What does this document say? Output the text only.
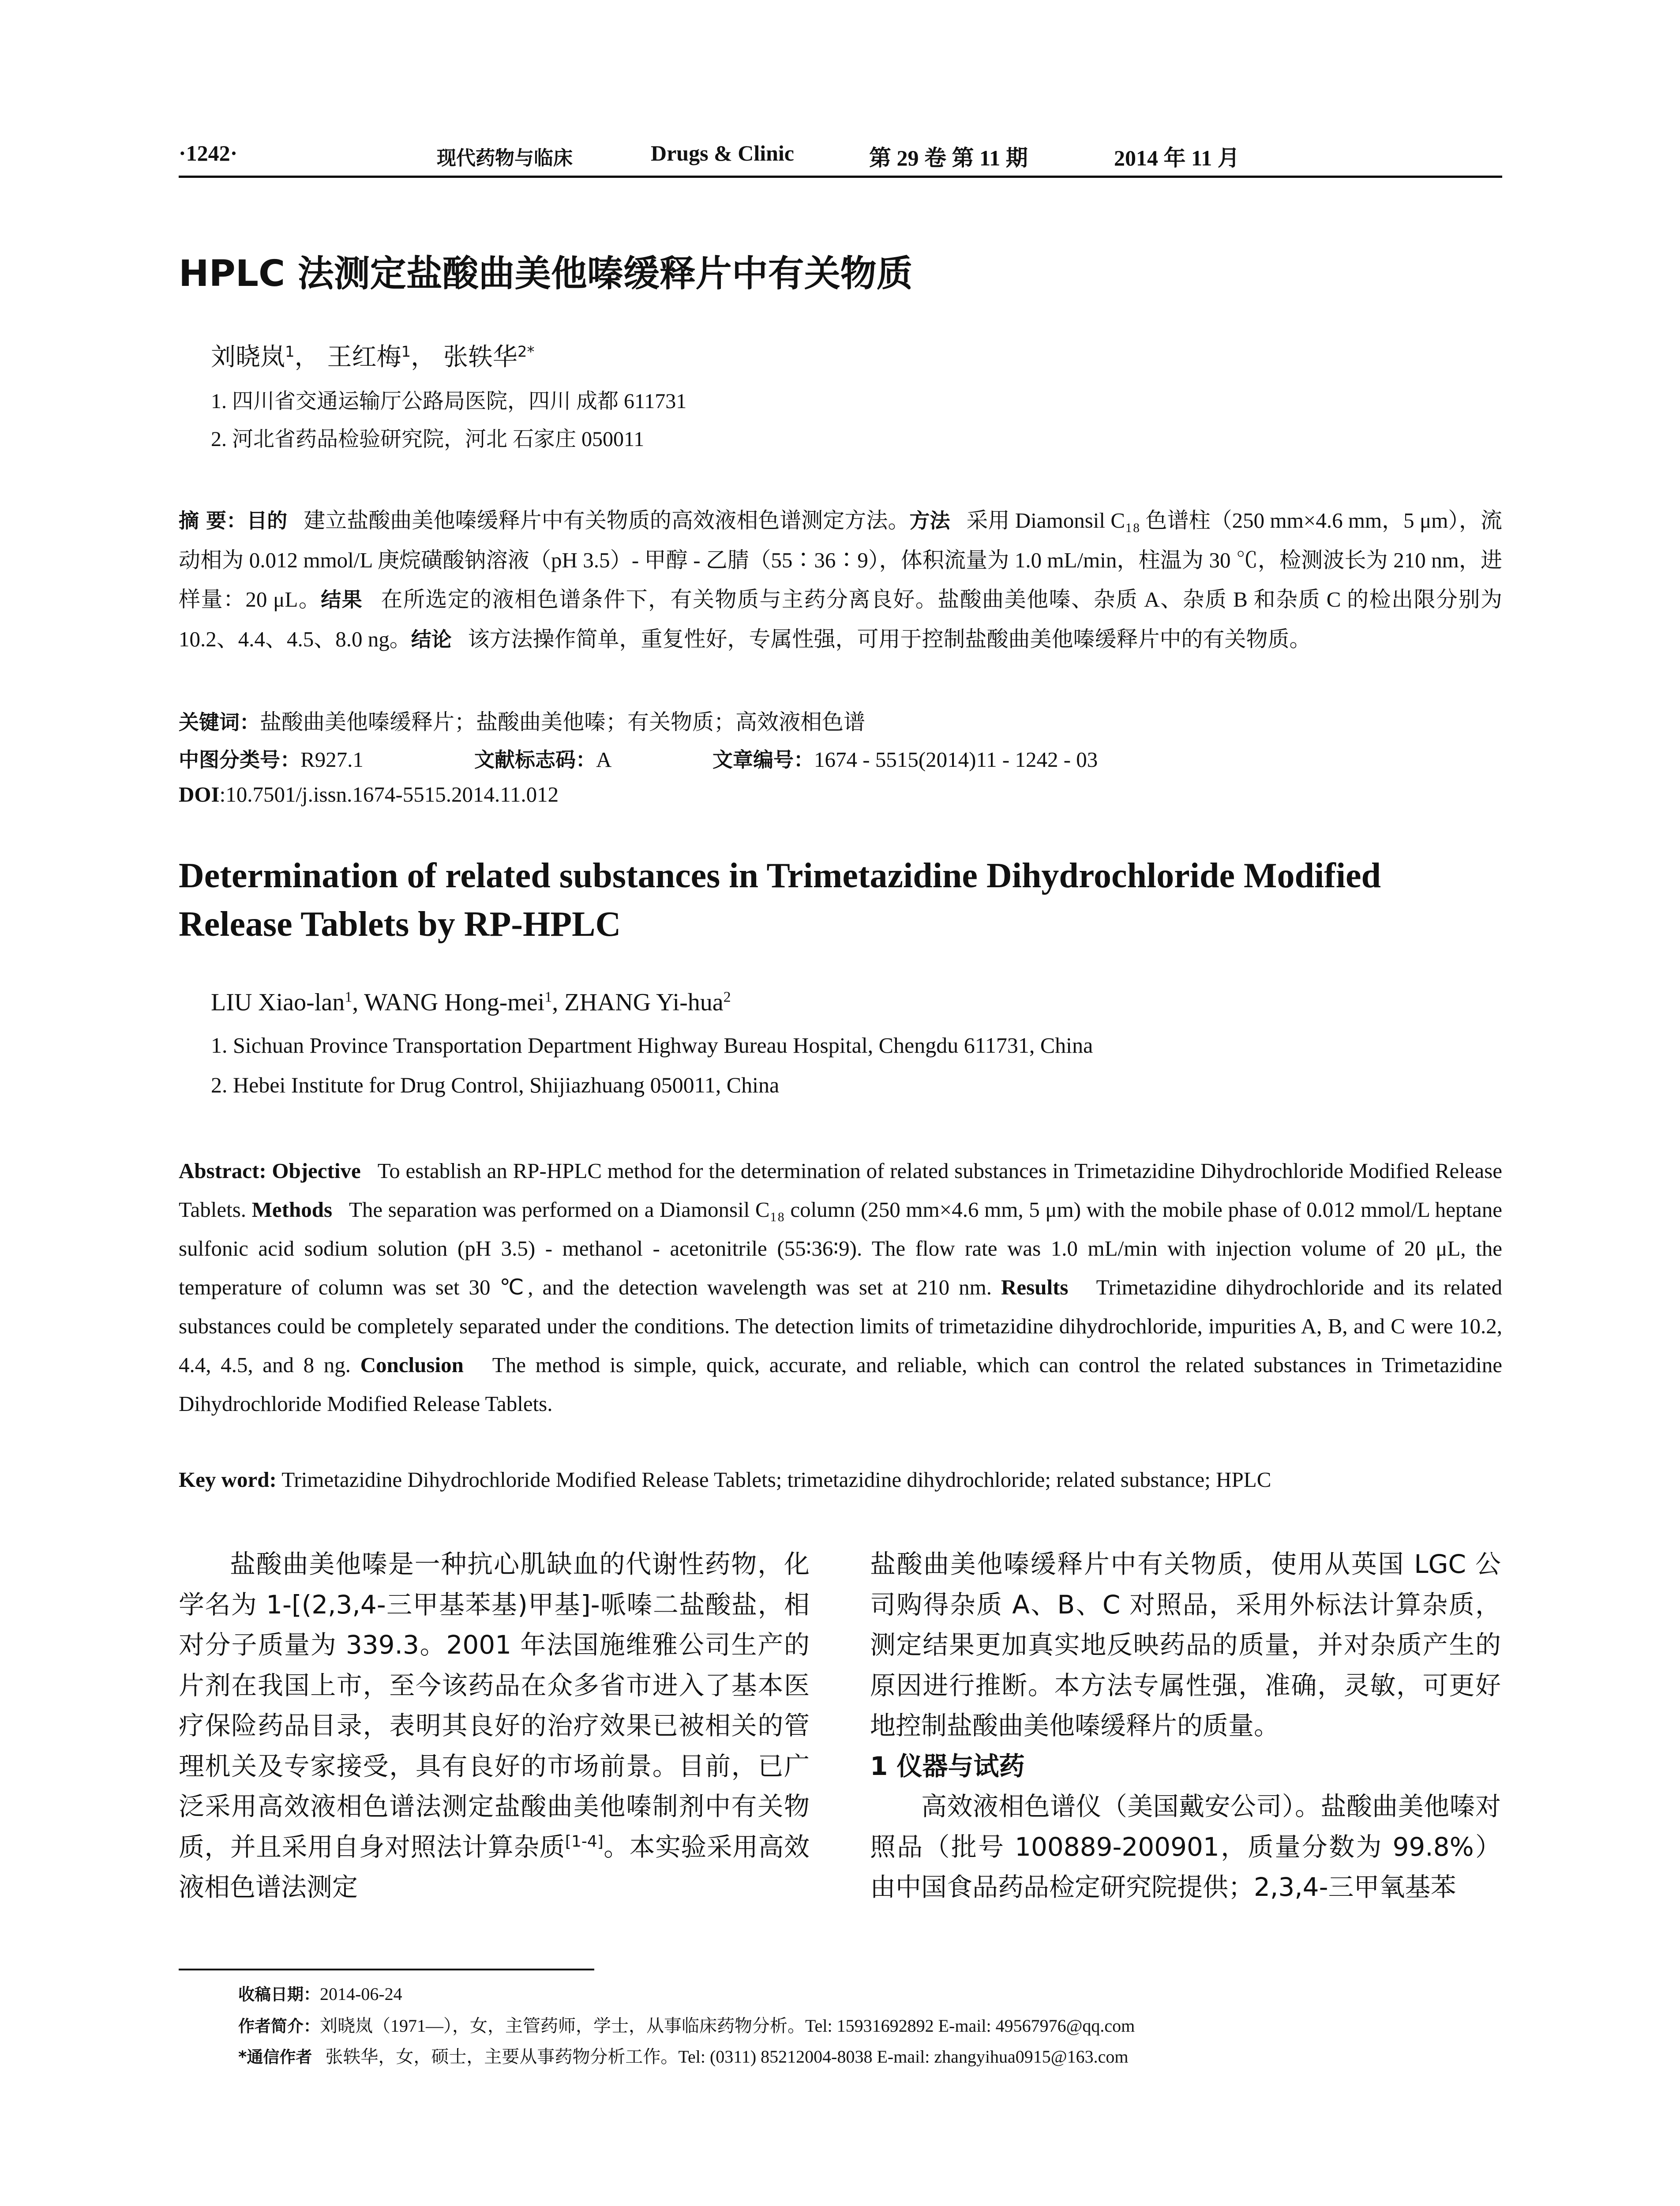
·1242·	现代药物与临床	Drugs & Clinic	第 29 卷 第 11 期	2014 年 11 月
HPLC 法测定盐酸曲美他嗪缓释片中有关物质
刘晓岚$^1$， 王红梅$^1$， 张轶华$^{2*}$
1. 四川省交通运输厅公路局医院，四川 成都 611731
2. 河北省药品检验研究院，河北 石家庄 050011
摘 要：目的 建立盐酸曲美他嗪缓释片中有关物质的高效液相色谱测定方法。方法 采用 Diamonsil C₁₈ 色谱柱（250 mm×4.6 mm，5 μm），流动相为 0.012 mmol/L 庚烷磺酸钠溶液（pH 3.5）- 甲醇 - 乙腈（55∶36∶9），体积流量为 1.0 mL/min，柱温为 30 ℃，检测波长为 210 nm，进样量：20 μL。结果 在所选定的液相色谱条件下，有关物质与主药分离良好。盐酸曲美他嗪、杂质 A、杂质 B 和杂质 C 的检出限分别为 10.2、4.4、4.5、8.0 ng。结论 该方法操作简单，重复性好，专属性强，可用于控制盐酸曲美他嗪缓释片中的有关物质。
关键词：盐酸曲美他嗪缓释片；盐酸曲美他嗪；有关物质；高效液相色谱
中图分类号：R927.1	文献标志码：A	文章编号：1674 - 5515(2014)11 - 1242 - 03
DOI:10.7501/j.issn.1674-5515.2014.11.012
Determination of related substances in Trimetazidine Dihydrochloride Modified Release Tablets by RP-HPLC
LIU Xiao-lan$^1$, WANG Hong-mei$^1$, ZHANG Yi-hua$^2$
1. Sichuan Province Transportation Department Highway Bureau Hospital, Chengdu 611731, China
2. Hebei Institute for Drug Control, Shijiazhuang 050011, China
Abstract: Objective To establish an RP-HPLC method for the determination of related substances in Trimetazidine Dihydrochloride Modified Release Tablets. Methods The separation was performed on a Diamonsil C₁₈ column (250 mm×4.6 mm, 5 μm) with the mobile phase of 0.012 mmol/L heptane sulfonic acid sodium solution (pH 3.5) - methanol - acetonitrile (55∶36∶9). The flow rate was 1.0 mL/min with injection volume of 20 μL, the temperature of column was set 30 ℃, and the detection wavelength was set at 210 nm. Results Trimetazidine dihydrochloride and its related substances could be completely separated under the conditions. The detection limits of trimetazidine dihydrochloride, impurities A, B, and C were 10.2, 4.4, 4.5, and 8 ng. Conclusion The method is simple, quick, accurate, and reliable, which can control the related substances in Trimetazidine Dihydrochloride Modified Release Tablets.
Key word: Trimetazidine Dihydrochloride Modified Release Tablets; trimetazidine dihydrochloride; related substance; HPLC

盐酸曲美他嗪是一种抗心肌缺血的代谢性药物，化学名为 1-[(2,3,4-三甲基苯基)甲基]-哌嗪二盐酸盐，相对分子质量为 339.3。2001 年法国施维雅公司生产的片剂在我国上市，至今该药品在众多省市进入了基本医疗保险药品目录，表明其良好的治疗效果已被相关的管理机关及专家接受，具有良好的市场前景。目前，已广泛采用高效液相色谱法测定盐酸曲美他嗪制剂中有关物质，并且采用自身对照法计算杂质[1-4]。本实验采用高效液相色谱法测定

盐酸曲美他嗪缓释片中有关物质，使用从英国 LGC 公司购得杂质 A、B、C 对照品，采用外标法计算杂质，测定结果更加真实地反映药品的质量，并对杂质产生的原因进行推断。本方法专属性强，准确，灵敏，可更好地控制盐酸曲美他嗪缓释片的质量。

1 仪器与试药

高效液相色谱仪（美国戴安公司）。盐酸曲美他嗪对照品（批号 100889-200901，质量分数为 99.8%）由中国食品药品检定研究院提供；2,3,4-三甲氧基苯

收稿日期：2014-06-24
作者简介：刘晓岚（1971—），女，主管药师，学士，从事临床药物分析。Tel: 15931692892 E-mail: 49567976@qq.com
*通信作者 张轶华，女，硕士，主要从事药物分析工作。Tel: (0311) 85212004-8038 E-mail: zhangyihua0915@163.com
